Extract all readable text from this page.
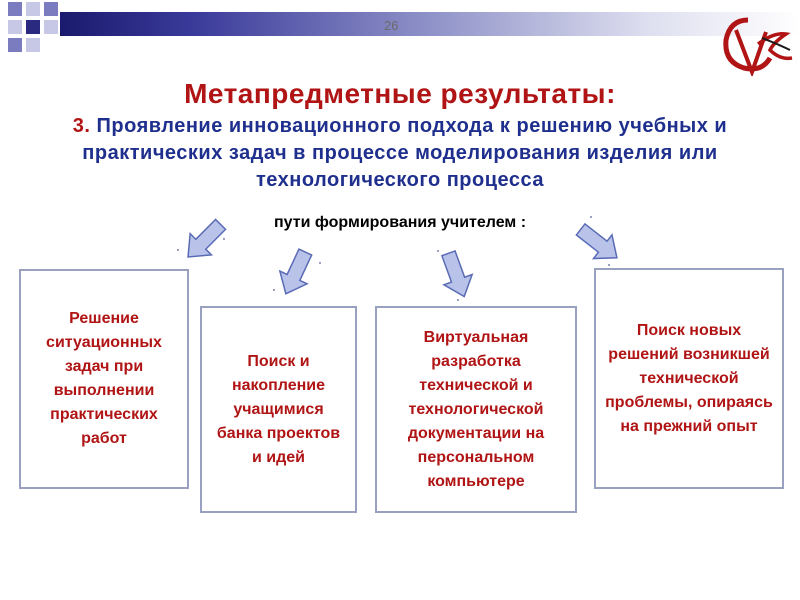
26
Метапредметные результаты:
3. Проявление инновационного подхода к решению учебных и практических задач в процессе моделирования изделия или технологического процесса
пути формирования учителем :
Решение ситуационных задач при выполнении практических работ
Поиск и накопление учащимися банка проектов и идей
Виртуальная разработка технической и технологической документации на персональном компьютере
Поиск новых решений возникшей технической проблемы, опираясь на прежний опыт
